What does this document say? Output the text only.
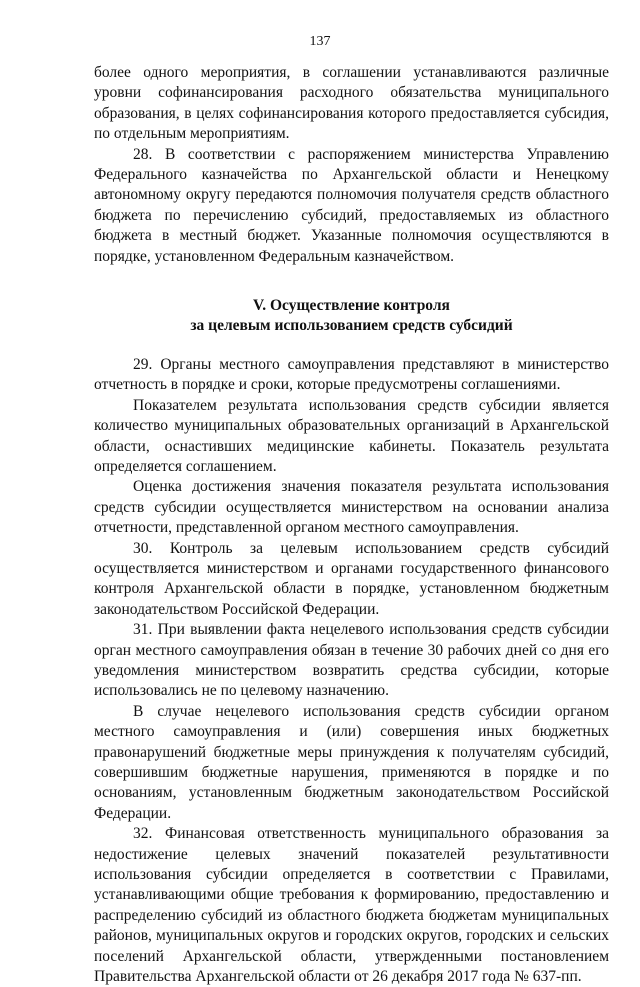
137

более одного мероприятия, в соглашении устанавливаются различные уровни софинансирования расходного обязательства муниципального образования, в целях софинансирования которого предоставляется субсидия, по отдельным мероприятиям.

28. В соответствии с распоряжением министерства Управлению Федерального казначейства по Архангельской области и Ненецкому автономному округу передаются полномочия получателя средств областного бюджета по перечислению субсидий, предоставляемых из областного бюджета в местный бюджет. Указанные полномочия осуществляются в порядке, установленном Федеральным казначейством.

V. Осуществление контроля
за целевым использованием средств субсидий

29. Органы местного самоуправления представляют в министерство отчетность в порядке и сроки, которые предусмотрены соглашениями.

Показателем результата использования средств субсидии является количество муниципальных образовательных организаций в Архангельской области, оснастивших медицинские кабинеты. Показатель результата определяется соглашением.

Оценка достижения значения показателя результата использования средств субсидии осуществляется министерством на основании анализа отчетности, представленной органом местного самоуправления.

30. Контроль за целевым использованием средств субсидий осуществляется министерством и органами государственного финансового контроля Архангельской области в порядке, установленном бюджетным законодательством Российской Федерации.

31. При выявлении факта нецелевого использования средств субсидии орган местного самоуправления обязан в течение 30 рабочих дней со дня его уведомления министерством возвратить средства субсидии, которые использовались не по целевому назначению.

В случае нецелевого использования средств субсидии органом местного самоуправления и (или) совершения иных бюджетных правонарушений бюджетные меры принуждения к получателям субсидий, совершившим бюджетные нарушения, применяются в порядке и по основаниям, установленным бюджетным законодательством Российской Федерации.

32. Финансовая ответственность муниципального образования за недостижение целевых значений показателей результативности использования субсидии определяется в соответствии с Правилами, устанавливающими общие требования к формированию, предоставлению и распределению субсидий из областного бюджета бюджетам муниципальных районов, муниципальных округов и городских округов, городских и сельских поселений Архангельской области, утвержденными постановлением Правительства Архангельской области от 26 декабря 2017 года № 637-пп.
